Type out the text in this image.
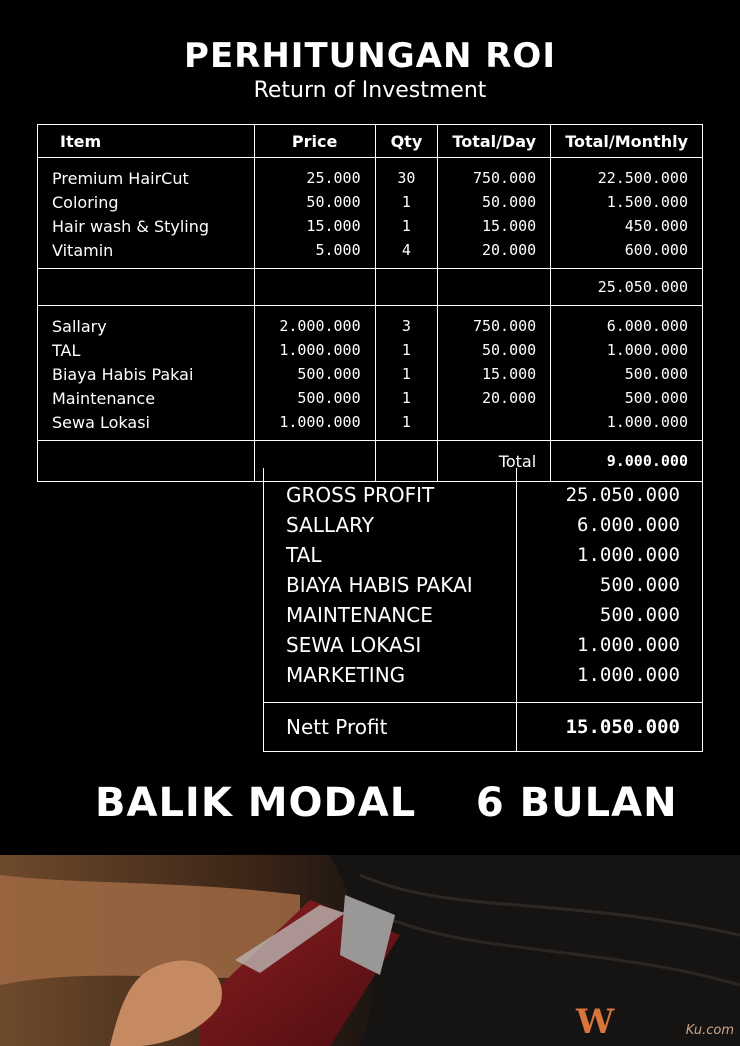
PERHITUNGAN ROI
Return of Investment
Item	Price	Qty	Total/Day	Total/Monthly
Premium HairCut	25.000	30	750.000	22.500.000
Coloring	50.000	1	50.000	1.500.000
Hair wash & Styling	15.000	1	15.000	450.000
Vitamin	5.000	4	20.000	600.000
				25.050.000
Sallary	2.000.000	3	750.000	6.000.000
TAL	1.000.000	1	50.000	1.000.000
Biaya Habis Pakai	500.000	1	15.000	500.000
Maintenance	500.000	1	20.000	500.000
Sewa Lokasi	1.000.000	1		1.000.000
			Total	9.000.000
GROSS PROFIT	25.050.000
SALLARY	6.000.000
TAL	1.000.000
BIAYA HABIS PAKAI	500.000
MAINTENANCE	500.000
SEWA LOKASI	1.000.000
MARKETING	1.000.000
Nett Profit	15.050.000
BALIK MODAL 6 BULAN
W	Ku.com
